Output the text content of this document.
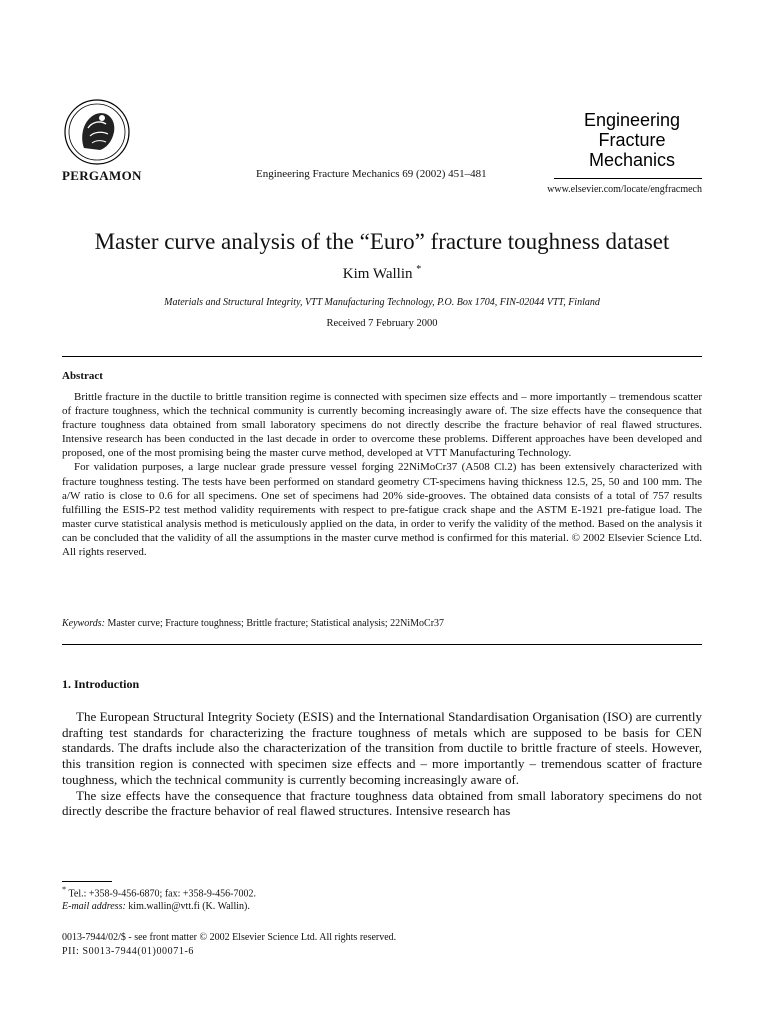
PERGAMON	Engineering Fracture Mechanics 69 (2002) 451–481
Engineering
Fracture
Mechanics
www.elsevier.com/locate/engfracmech
Master curve analysis of the “Euro” fracture toughness dataset
Kim Wallin *
Materials and Structural Integrity, VTT Manufacturing Technology, P.O. Box 1704, FIN-02044 VTT, Finland
Received 7 February 2000
Abstract

Brittle fracture in the ductile to brittle transition regime is connected with specimen size effects and – more importantly – tremendous scatter of fracture toughness, which the technical community is currently becoming increasingly aware of. The size effects have the consequence that fracture toughness data obtained from small laboratory specimens do not directly describe the fracture behavior of real flawed structures. Intensive research has been conducted in the last decade in order to overcome these problems. Different approaches have been developed and proposed, one of the most promising being the master curve method, developed at VTT Manufacturing Technology.

For validation purposes, a large nuclear grade pressure vessel forging 22NiMoCr37 (A508 Cl.2) has been extensively characterized with fracture toughness testing. The tests have been performed on standard geometry CT-specimens having thickness 12.5, 25, 50 and 100 mm. The a/W ratio is close to 0.6 for all specimens. One set of specimens had 20% side-grooves. The obtained data consists of a total of 757 results fulfilling the ESIS-P2 test method validity requirements with respect to pre-fatigue crack shape and the ASTM E-1921 pre-fatigue load. The master curve statistical analysis method is meticulously applied on the data, in order to verify the validity of the method. Based on the analysis it can be concluded that the validity of all the assumptions in the master curve method is confirmed for this material. © 2002 Elsevier Science Ltd. All rights reserved.

Keywords: Master curve; Fracture toughness; Brittle fracture; Statistical analysis; 22NiMoCr37
1. Introduction

The European Structural Integrity Society (ESIS) and the International Standardisation Organisation (ISO) are currently drafting test standards for characterizing the fracture toughness of metals which are supposed to be basis for CEN standards. The drafts include also the characterization of the transition from ductile to brittle fracture of steels. However, this transition region is connected with specimen size effects and – more importantly – tremendous scatter of fracture toughness, which the technical community is currently becoming increasingly aware of.

The size effects have the consequence that fracture toughness data obtained from small laboratory specimens do not directly describe the fracture behavior of real flawed structures. Intensive research has

* Tel.: +358-9-456-6870; fax: +358-9-456-7002.
E-mail address: kim.wallin@vtt.fi (K. Wallin).
0013-7944/02/$ - see front matter © 2002 Elsevier Science Ltd. All rights reserved.
PII: S0013-7944(01)00071-6
